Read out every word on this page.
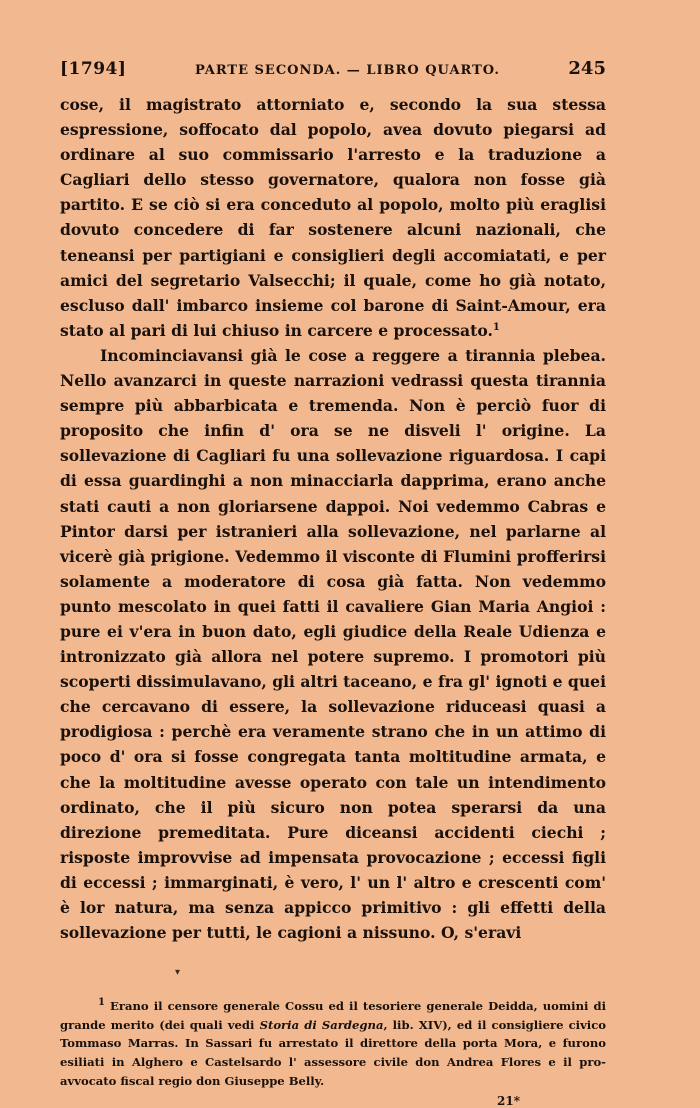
[1794]	PARTE SECONDA. — LIBRO QUARTO.	245

cose, il magistrato attorniato e, secondo la sua stessa espressione, soffocato dal popolo, avea dovuto piegarsi ad ordinare al suo commissario l'arresto e la traduzione a Cagliari dello stesso governatore, qualora non fosse già partito. E se ciò si era conceduto al popolo, molto più eraglisi dovuto concedere di far sostenere alcuni nazionali, che teneansi per partigiani e consiglieri degli accomiatati, e per amici del segretario Valsecchi; il quale, come ho già notato, escluso dall' imbarco insieme col barone di Saint-Amour, era stato al pari di lui chiuso in carcere e processato.$^1$

Incominciavansi già le cose a reggere a tirannia plebea. Nello avanzarci in queste narrazioni vedrassi questa tirannia sempre più abbarbicata e tremenda. Non è perciò fuor di proposito che infin d' ora se ne disveli l' origine. La sollevazione di Cagliari fu una sollevazione riguardosa. I capi di essa guardinghi a non minacciarla dapprima, erano anche stati cauti a non gloriarsene dappoi. Noi vedemmo Cabras e Pintor darsi per istranieri alla sollevazione, nel parlarne al vicerè già prigione. Vedemmo il visconte di Flumini profferirsi solamente a moderatore di cosa già fatta. Non vedemmo punto mescolato in quei fatti il cavaliere Gian Maria Angioi : pure ei v'era in buon dato, egli giudice della Reale Udienza e intronizzato già allora nel potere supremo. I promotori più scoperti dissimulavano, gli altri taceano, e fra gl' ignoti e quei che cercavano di essere, la sollevazione riduceasi quasi a prodigiosa : perchè era veramente strano che in un attimo di poco d' ora si fosse congregata tanta moltitudine armata, e che la moltitudine avesse operato con tale un intendimento ordinato, che il più sicuro non potea sperarsi da una direzione premeditata. Pure diceansi accidenti ciechi ; risposte improvvise ad impensata provocazione ; eccessi figli di eccessi ; immarginati, è vero, l' un l' altro e crescenti com' è lor natura, ma senza appicco primitivo : gli effetti della sollevazione per tutti, le cagioni a nissuno. O, s'eravi

▾

$^1$ Erano il censore generale Cossu ed il tesoriere generale Deidda, uomini di grande merito (dei quali vedi Storia di Sardegna, lib. XIV), ed il consigliere civico Tommaso Marras. In Sassari fu arrestato il direttore della porta Mora, e furono esiliati in Alghero e Castelsardo l' assessore civile don Andrea Flores e il pro-avvocato fiscal regio don Giuseppe Belly.

21*
